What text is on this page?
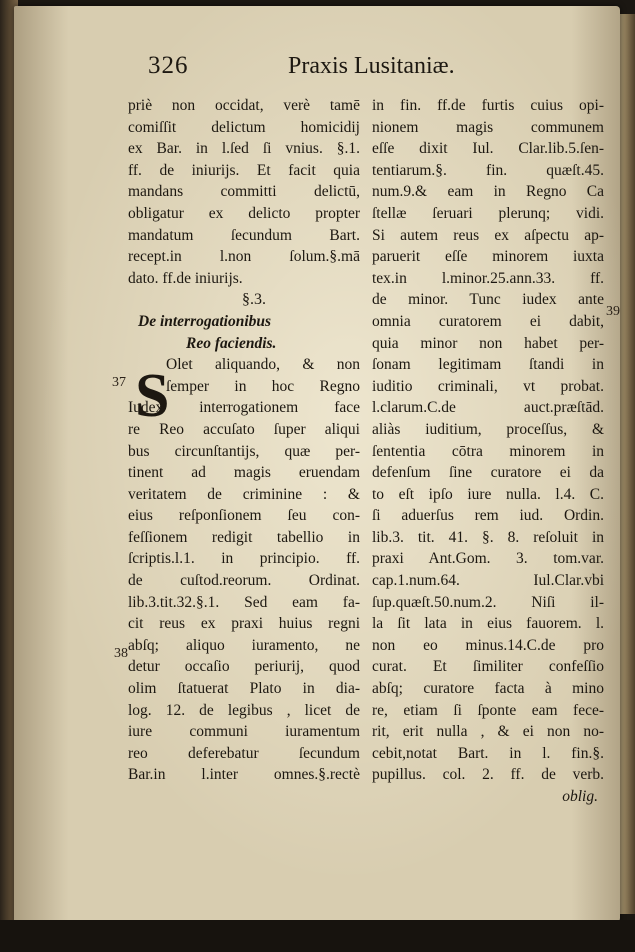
326	Praxis Lusitaniæ.
priè non occidat, verè tamē
comiſſit delictum homicidij
ex Bar. in l.ſed ſi vnius. §.1.
ff. de iniurijs. Et facit quia
mandans committi delictū,
obligatur ex delicto propter
mandatum ſecundum Bart.
recept.in l.non ſolum.§.mā
dato. ff.de iniurijs.
§.3.
De interrogationibus
Reo faciendis.
Olet aliquando, & non
ſemper in hoc Regno
Iudex interrogationem face
re Reo accuſato ſuper aliqui
bus circunſtantijs, quæ per-
tinent ad magis eruendam
veritatem de criminine : &
eius reſponſionem ſeu con-
feſſionem redigit tabellio in
ſcriptis.l.1. in principio. ff.
de cuſtod.reorum. Ordinat.
lib.3.tit.32.§.1. Sed eam fa-
cit reus ex praxi huius regni
abſq; aliquo iuramento, ne
detur occaſio periurij, quod
olim ſtatuerat Plato in dia-
log. 12. de legibus , licet de
iure communi iuramentum
reo deferebatur ſecundum
Bar.in l.inter omnes.§.rectè
S
37
38
39
in fin. ff.de furtis cuius opi-
nionem magis communem
eſſe dixit Iul. Clar.lib.5.ſen-
tentiarum.§. fin. quæſt.45.
num.9.& eam in Regno Ca
ſtellæ ſeruari plerunq; vidi.
Si autem reus ex aſpectu ap-
paruerit eſſe minorem iuxta
tex.in l.minor.25.ann.33. ff.
de minor. Tunc iudex ante
omnia curatorem ei dabit,
quia minor non habet per-
ſonam legitimam ſtandi in
iuditio criminali, vt probat.
l.clarum.C.de auct.præſtād.
aliàs iuditium, proceſſus, &
ſententia cōtra minorem in
defenſum ſine curatore ei da
to eſt ipſo iure nulla. l.4. C.
ſi aduerſus rem iud. Ordin.
lib.3. tit. 41. §. 8. reſoluit in
praxi Ant.Gom. 3. tom.var.
cap.1.num.64. Iul.Clar.vbi
ſup.quæſt.50.num.2. Niſi il-
la ſit lata in eius fauorem. l.
non eo minus.14.C.de pro
curat. Et ſimiliter confeſſio
abſq; curatore facta à mino
re, etiam ſi ſponte eam fece-
rit, erit nulla , & ei non no-
cebit,notat Bart. in l. fin.§.
pupillus. col. 2. ff. de verb.
oblig.
